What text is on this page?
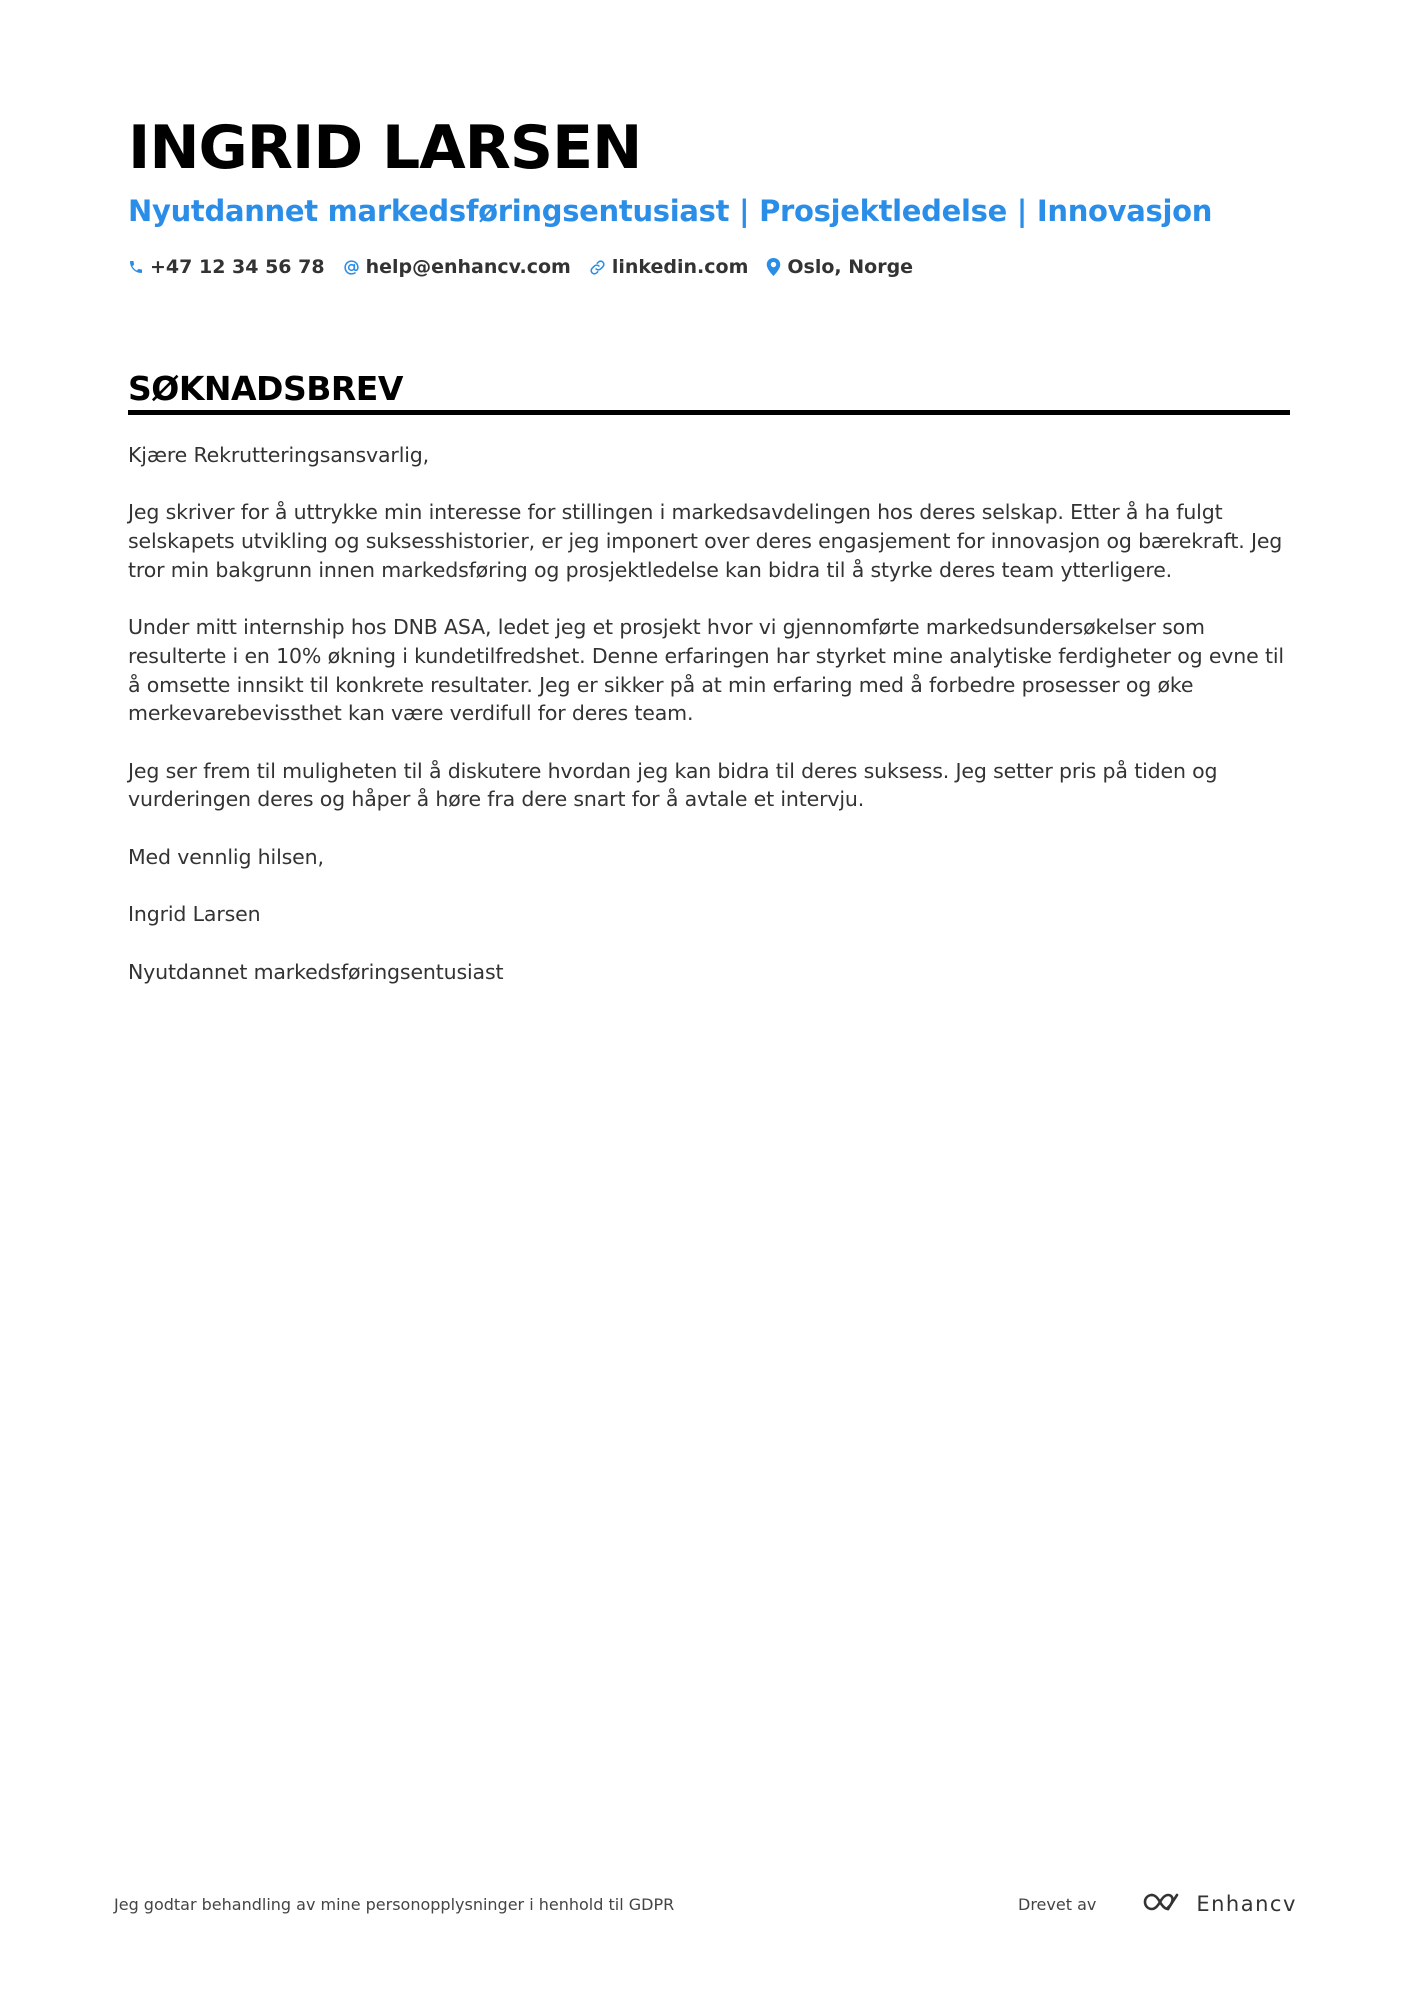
INGRID LARSEN
Nyutdannet markedsføringsentusiast | Prosjektledelse | Innovasjon
+47 12 34 56 78 help@enhancv.com linkedin.com Oslo, Norge
SØKNADSBREV

Kjære Rekrutteringsansvarlig,

Jeg skriver for å uttrykke min interesse for stillingen i markedsavdelingen hos deres selskap. Etter å ha fulgt selskapets utvikling og suksesshistorier, er jeg imponert over deres engasjement for innovasjon og bærekraft. Jeg tror min bakgrunn innen markedsføring og prosjektledelse kan bidra til å styrke deres team ytterligere.

Under mitt internship hos DNB ASA, ledet jeg et prosjekt hvor vi gjennomførte markedsundersøkelser som resulterte i en 10% økning i kundetilfredshet. Denne erfaringen har styrket mine analytiske ferdigheter og evne til å omsette innsikt til konkrete resultater. Jeg er sikker på at min erfaring med å forbedre prosesser og øke merkevarebevissthet kan være verdifull for deres team.

Jeg ser frem til muligheten til å diskutere hvordan jeg kan bidra til deres suksess. Jeg setter pris på tiden og vurderingen deres og håper å høre fra dere snart for å avtale et intervju.

Med vennlig hilsen,

Ingrid Larsen

Nyutdannet markedsføringsentusiast

Jeg godtar behandling av mine personopplysninger i henhold til GDPR	Drevet av	Enhancv
